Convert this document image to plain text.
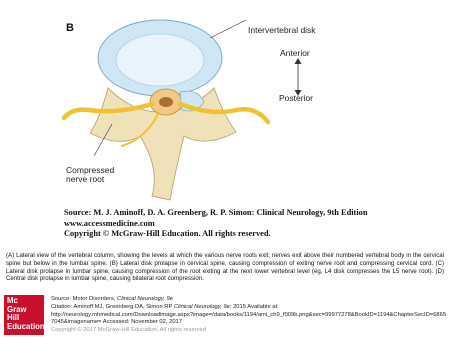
B	Intervertebral disk
Anterior
Posterior
Compressed
nerve root
Source: M. J. Aminoff, D. A. Greenberg, R. P. Simon: Clinical Neurology, 9th Edition
www.accessmedicine.com
Copyright © McGraw-Hill Education. All rights reserved.
(A) Lateral view of the vertebral column, showing the levels at which the various nerve roots exit; nerves exit above their numbered vertebral body in the cervical spine but below in the lumbar spine. (B) Lateral disk prolapse in cervical spine, causing compression of exiting nerve root and compressing cervical cord. (C) Lateral disk prolapse in lumbar spine, causing compression of the root exiting at the next lower vertebral level (eg, L4 disk compresses the L5 nerve root). (D) Central disk prolapse in lumbar spine, causing bilateral root compression.
Mc
Graw
Hill
Education
Source: Motor Disorders, Clinical Neurology, 9e
Citation: Aminoff MJ, Greenberg DA, Simon RP Clinical Neurology, 9e; 2015 Available at:
http://neurology.mhmedical.com/Downloadimage.aspx?image=/data/books/1194/ami_ch9_f009b.png&sec=99977278&BookID=1194&ChapterSecID=68657045&imagename= Accessed: November 02, 2017
Copyright © 2017 McGraw-Hill Education. All rights reserved
